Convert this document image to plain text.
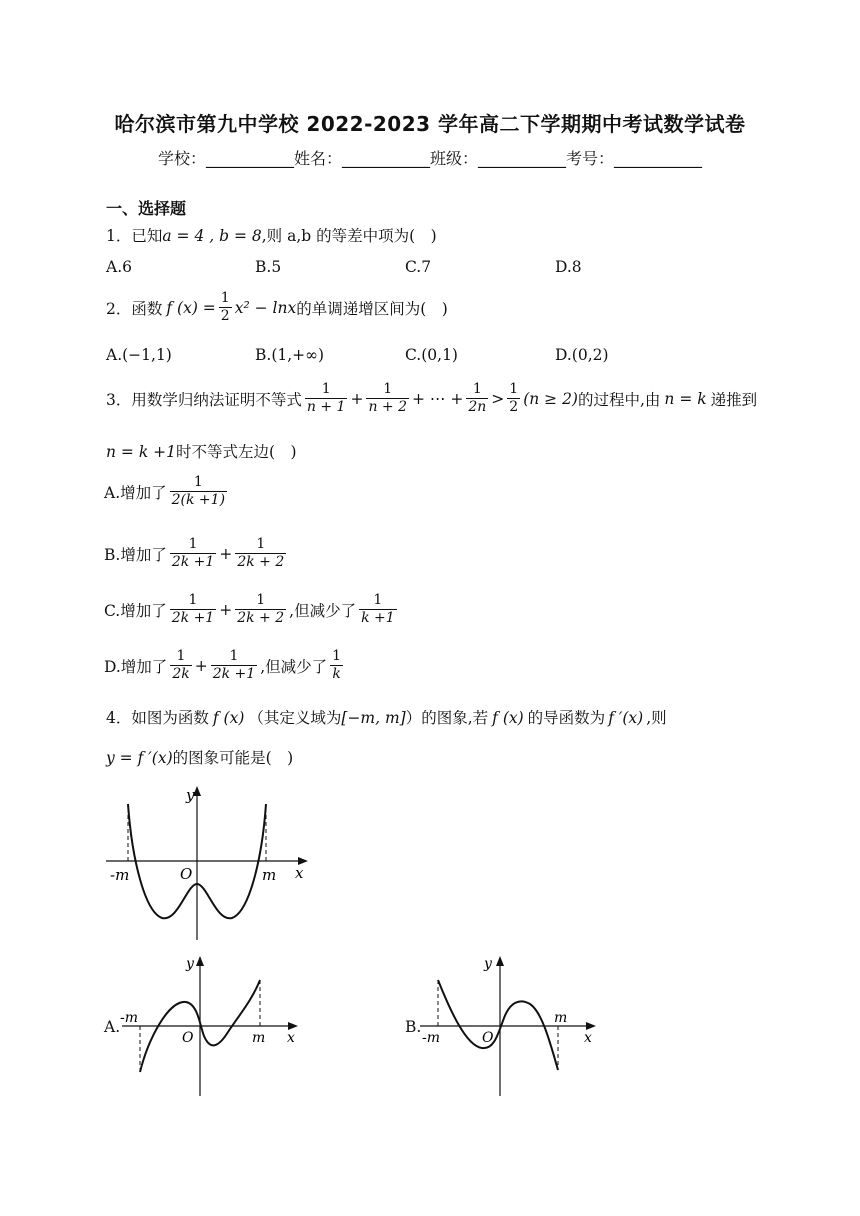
哈尔滨市第九中学校 2022-2023 学年高二下学期期中考试数学试卷
学校：___________姓名：___________班级：___________考号：___________
一、选择题
1．已知a = 4 , b = 8,则 a,b 的等差中项为(　)
A.6	B.5	C.7	D.8
2．函数 f $(x) = \frac{1}{2} x^2 - \ln x$ 的单调递增区间为(　)
A.(−1,1)	B.(1,+∞)	C.(0,1)	D.(0,2)
3．用数学归纳法证明不等式 $\frac{1}{n + 1} + \frac{1}{n + 2}$ + ⋯ + $\frac{1}{2n} > \frac{1}{2} (n \ge 2)$ 的过程中,由 n = k 递推到
n = k +1时不等式左边(　)
A.增加了 $\frac{1}{2(k +1)}$
B.增加了 $\frac{1}{2k +1} + \frac{1}{2k + 2}$
C.增加了 $\frac{1}{2k +1} + \frac{1}{2k + 2}$ ,但减少了 $\frac{1}{k +1}$
D.增加了 $\frac{1}{2k} + \frac{1}{2k +1}$ ,但减少了 $\frac{1}{k}$
4．如图为函数 f (x) （其定义域为[−m, m]）的图象,若 f (x) 的导函数为 f ′(x) ,则
y = f ′(x)的图象可能是(　)
y
x
O
-m	m
A.
y
x
O
-m
m
B.
y
x
O
-m
m
